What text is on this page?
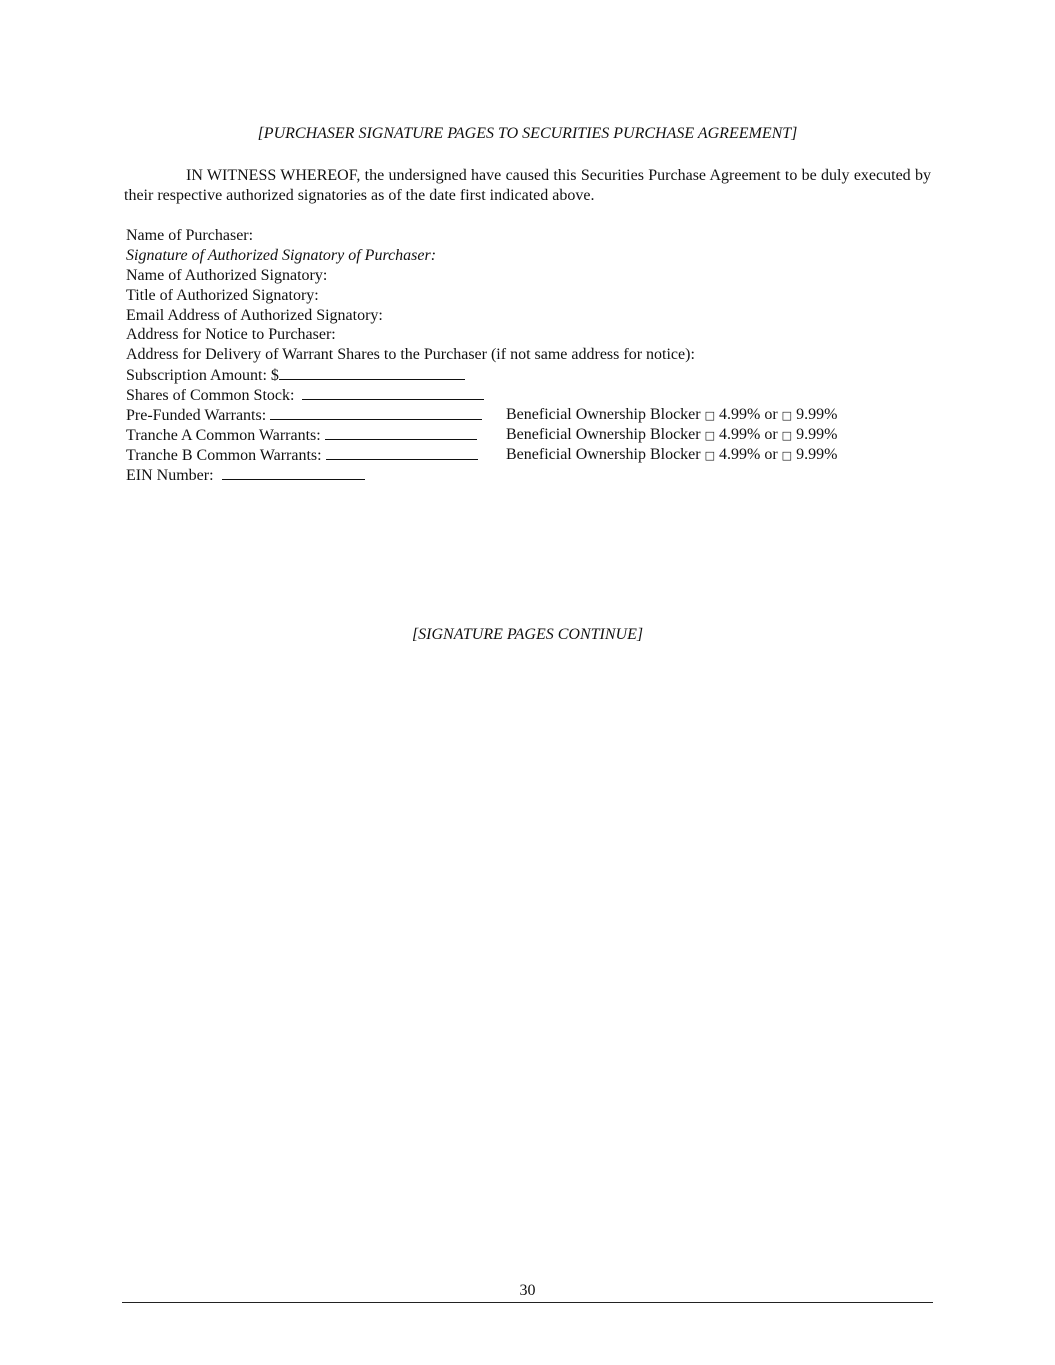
[PURCHASER SIGNATURE PAGES TO SECURITIES PURCHASE AGREEMENT]

IN WITNESS WHEREOF, the undersigned have caused this Securities Purchase Agreement to be duly executed by their respective authorized signatories as of the date first indicated above.

Name of Purchaser:
Signature of Authorized Signatory of Purchaser:
Name of Authorized Signatory:
Title of Authorized Signatory:
Email Address of Authorized Signatory:
Address for Notice to Purchaser:
Address for Delivery of Warrant Shares to the Purchaser (if not same address for notice):
Subscription Amount: $
Shares of Common Stock:
Pre-Funded Warrants:	Beneficial Ownership Blocker □ 4.99% or □ 9.99%
Tranche A Common Warrants:	Beneficial Ownership Blocker □ 4.99% or □ 9.99%
Tranche B Common Warrants:	Beneficial Ownership Blocker □ 4.99% or □ 9.99%
EIN Number:
[SIGNATURE PAGES CONTINUE]
30
